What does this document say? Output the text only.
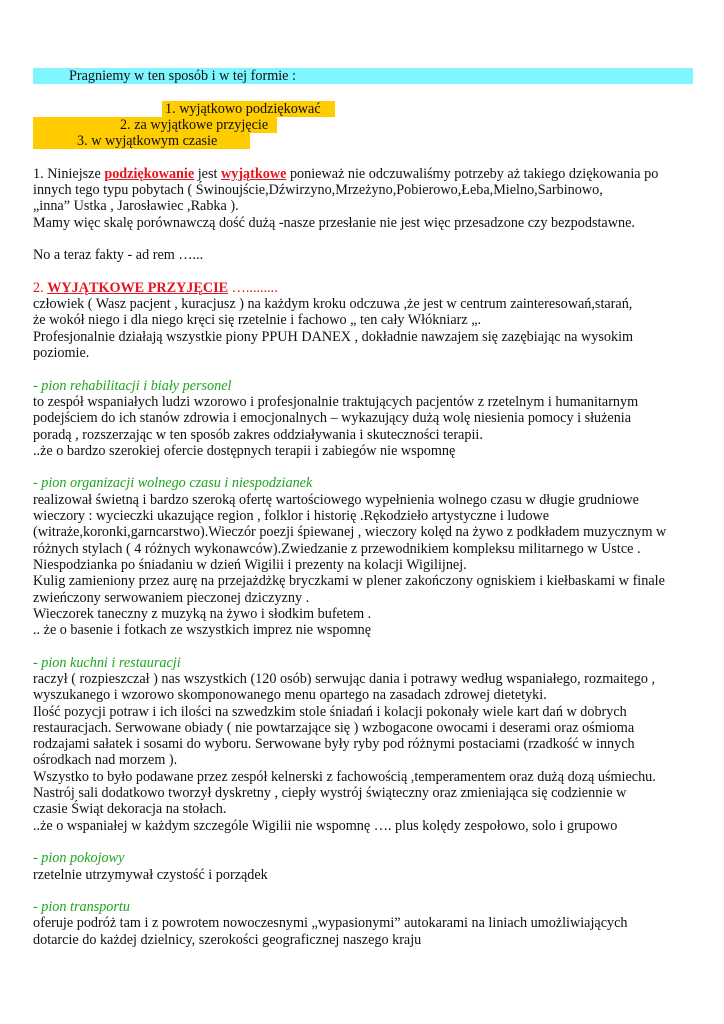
Pragniemy w ten sposób i w tej formie :
1. wyjątkowo podziękować
2. za wyjątkowe przyjęcie
3. w wyjątkowym czasie
1. Niniejsze podziękowanie jest wyjątkowe ponieważ nie odczuwaliśmy potrzeby aż takiego dziękowania po
innych tego typu pobytach ( Świnoujście,Dźwirzyno,Mrzeżyno,Pobierowo,Łeba,Mielno,Sarbinowo,
„inna” Ustka , Jarosławiec ,Rabka ).
Mamy więc skalę porównawczą dość dużą -nasze przesłanie nie jest więc przesadzone czy bezpodstawne.
No a teraz fakty - ad rem …...
2. WYJĄTKOWE PRZYJĘCIE ….........
człowiek ( Wasz pacjent , kuracjusz ) na każdym kroku odczuwa ,że jest w centrum zainteresowań,starań,
że wokół niego i dla niego kręci się rzetelnie i fachowo „ ten cały Włókniarz „.
Profesjonalnie działają wszystkie piony PPUH DANEX , dokładnie nawzajem się zazębiając na wysokim
poziomie.
- pion rehabilitacji i biały personel
to zespół wspaniałych ludzi wzorowo i profesjonalnie traktujących pacjentów z rzetelnym i humanitarnym
podejściem do ich stanów zdrowia i emocjonalnych – wykazujący dużą wolę niesienia pomocy i służenia
poradą , rozszerzając w ten sposób zakres oddziaływania i skuteczności terapii.
..że o bardzo szerokiej ofercie dostępnych terapii i zabiegów nie wspomnę
- pion organizacji wolnego czasu i niespodzianek
realizował świetną i bardzo szeroką ofertę wartościowego wypełnienia wolnego czasu w długie grudniowe
wieczory : wycieczki ukazujące region , folklor i historię .Rękodzieło artystyczne i ludowe
(witraże,koronki,garncarstwo).Wieczór poezji śpiewanej , wieczory kolęd na żywo z podkładem muzycznym w
różnych stylach ( 4 różnych wykonawców).Zwiedzanie z przewodnikiem kompleksu militarnego w Ustce .
Niespodzianka po śniadaniu w dzień Wigilii i prezenty na kolacji Wigilijnej.
Kulig zamieniony przez aurę na przejażdżkę bryczkami w plener zakończony ogniskiem i kiełbaskami w finale
zwieńczony serwowaniem pieczonej dziczyzny .
Wieczorek taneczny z muzyką na żywo i słodkim bufetem .
.. że o basenie i fotkach ze wszystkich imprez nie wspomnę
- pion kuchni i restauracji
raczył ( rozpieszczał ) nas wszystkich (120 osób) serwując dania i potrawy według wspaniałego, rozmaitego ,
wyszukanego i wzorowo skomponowanego menu opartego na zasadach zdrowej dietetyki.
Ilość pozycji potraw i ich ilości na szwedzkim stole śniadań i kolacji pokonały wiele kart dań w dobrych
restauracjach. Serwowane obiady ( nie powtarzające się ) wzbogacone owocami i deserami oraz ośmioma
rodzajami sałatek i sosami do wyboru. Serwowane były ryby pod różnymi postaciami (rzadkość w innych
ośrodkach nad morzem ).
Wszystko to było podawane przez zespół kelnerski z fachowością ,temperamentem oraz dużą dozą uśmiechu.
Nastrój sali dodatkowo tworzył dyskretny , ciepły wystrój świąteczny oraz zmieniająca się codziennie w
czasie Świąt dekoracja na stołach.
..że o wspaniałej w każdym szczególe Wigilii nie wspomnę …. plus kolędy zespołowo, solo i grupowo
- pion pokojowy
rzetelnie utrzymywał czystość i porządek
- pion transportu
oferuje podróż tam i z powrotem nowoczesnymi „wypasionymi” autokarami na liniach umożliwiających
dotarcie do każdej dzielnicy, szerokości geograficznej naszego kraju
